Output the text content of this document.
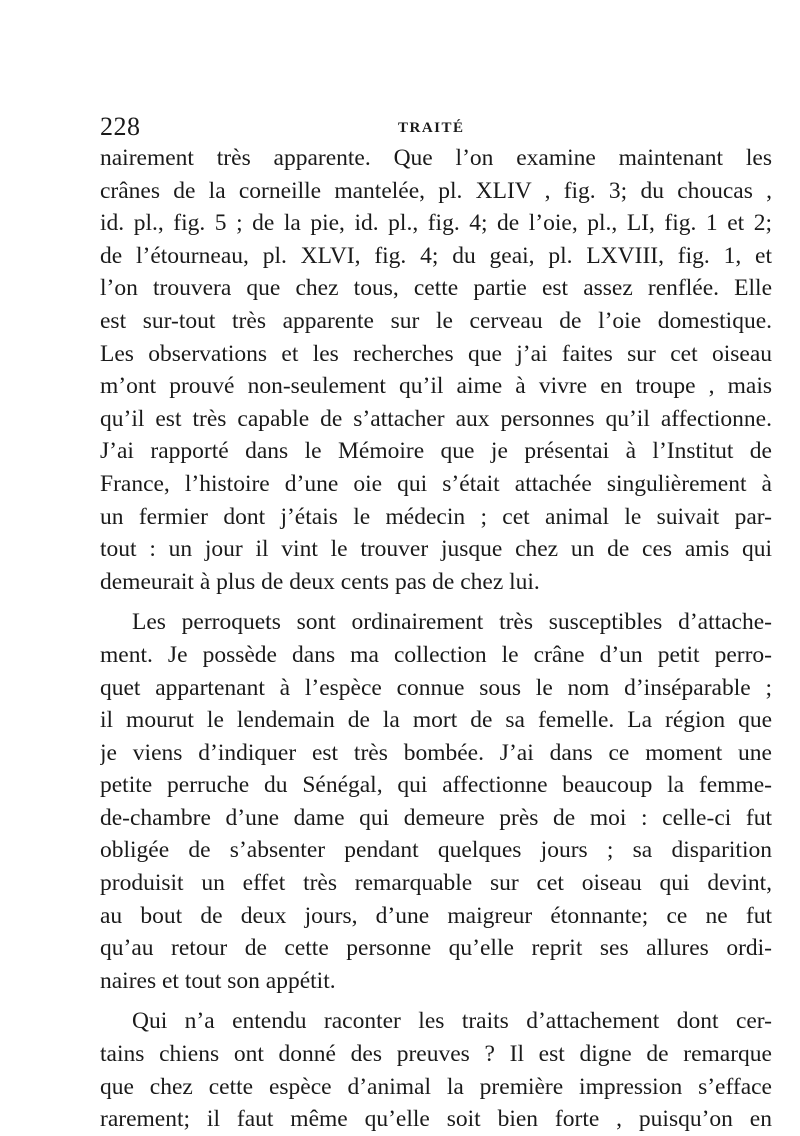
228	TRAITÉ
nairement très apparente. Que l’on examine maintenant les
crânes de la corneille mantelée, pl. XLIV , fig. 3; du choucas ,
id. pl., fig. 5 ; de la pie, id. pl., fig. 4; de l’oie, pl., LI, fig. 1 et 2;
de l’étourneau, pl. XLVI, fig. 4; du geai, pl. LXVIII, fig. 1, et
l’on trouvera que chez tous, cette partie est assez renflée. Elle
est sur-tout très apparente sur le cerveau de l’oie domestique.
Les observations et les recherches que j’ai faites sur cet oiseau
m’ont prouvé non-seulement qu’il aime à vivre en troupe , mais
qu’il est très capable de s’attacher aux personnes qu’il affectionne.
J’ai rapporté dans le Mémoire que je présentai à l’Institut de
France, l’histoire d’une oie qui s’était attachée singulièrement à
un fermier dont j’étais le médecin ; cet animal le suivait par-
tout : un jour il vint le trouver jusque chez un de ces amis qui
demeurait à plus de deux cents pas de chez lui.
Les perroquets sont ordinairement très susceptibles d’attache-
ment. Je possède dans ma collection le crâne d’un petit perro-
quet appartenant à l’espèce connue sous le nom d’inséparable ;
il mourut le lendemain de la mort de sa femelle. La région que
je viens d’indiquer est très bombée. J’ai dans ce moment une
petite perruche du Sénégal, qui affectionne beaucoup la femme-
de-chambre d’une dame qui demeure près de moi : celle-ci fut
obligée de s’absenter pendant quelques jours ; sa disparition
produisit un effet très remarquable sur cet oiseau qui devint,
au bout de deux jours, d’une maigreur étonnante; ce ne fut
qu’au retour de cette personne qu’elle reprit ses allures ordi-
naires et tout son appétit.
Qui n’a entendu raconter les traits d’attachement dont cer-
tains chiens ont donné des preuves ? Il est digne de remarque
que chez cette espèce d’animal la première impression s’efface
rarement; il faut même qu’elle soit bien forte , puisqu’on en
